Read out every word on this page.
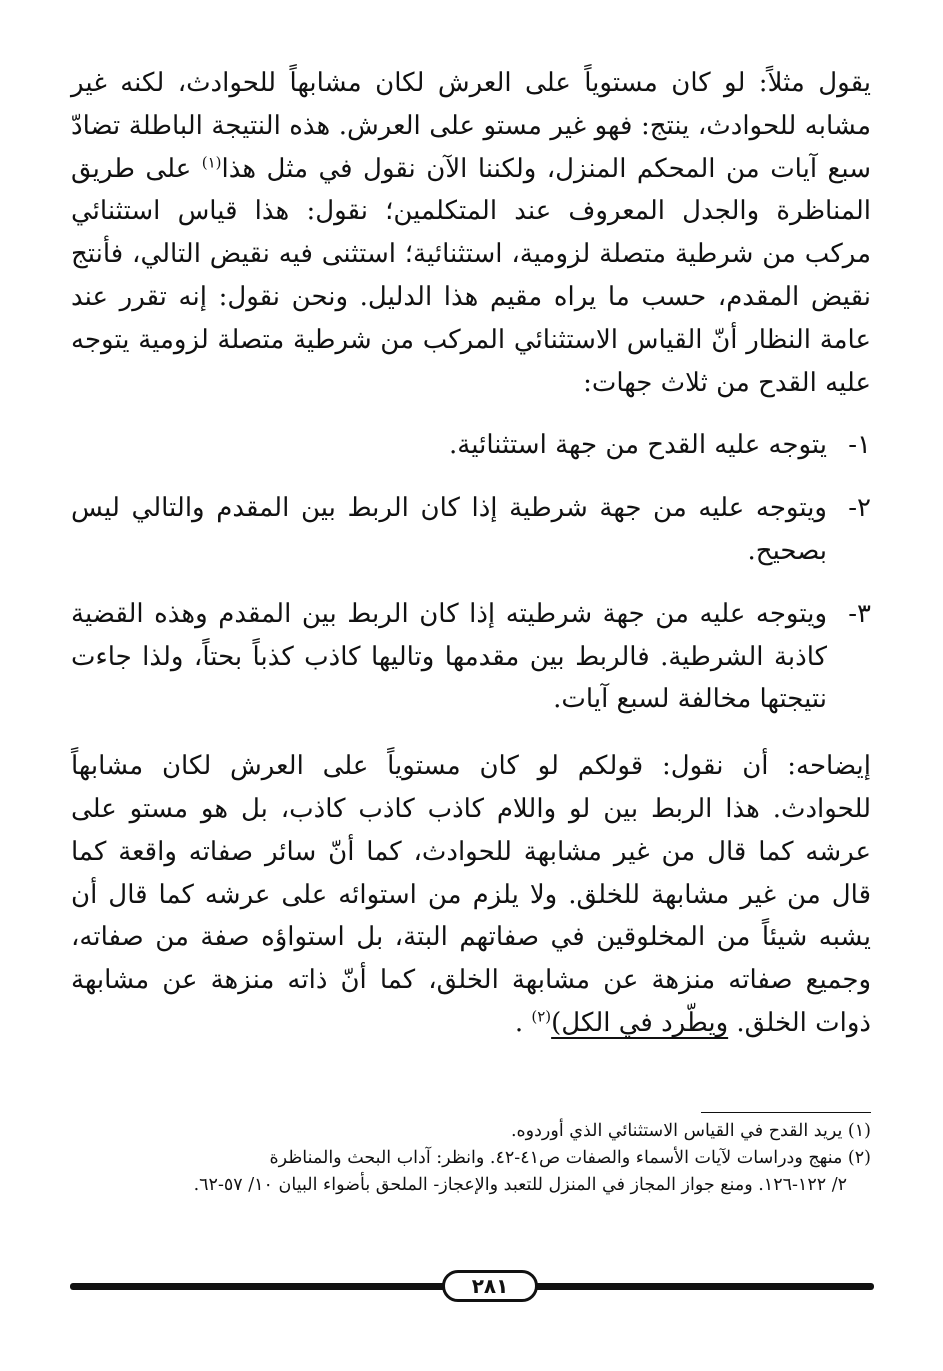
يقول مثلاً: لو كان مستوياً على العرش لكان مشابهاً للحوادث، لكنه غير مشابه للحوادث، ينتج: فهو غير مستو على العرش. هذه النتيجة الباطلة تضادّ سبع آيات من المحكم المنزل، ولكننا الآن نقول في مثل هذا$^{(١)}$ على طريق المناظرة والجدل المعروف عند المتكلمين؛ نقول: هذا قياس استثنائي مركب من شرطية متصلة لزومية، استثنائية؛ استثنى فيه نقيض التالي، فأنتج نقيض المقدم، حسب ما يراه مقيم هذا الدليل. ونحن نقول: إنه تقرر عند عامة النظار أنّ القياس الاستثنائي المركب من شرطية متصلة لزومية يتوجه عليه القدح من ثلاث جهات:

١-
يتوجه عليه القدح من جهة استثنائية.

٢-
ويتوجه عليه من جهة شرطية إذا كان الربط بين المقدم والتالي ليس بصحيح.

٣-
ويتوجه عليه من جهة شرطيته إذا كان الربط بين المقدم وهذه القضية كاذبة الشرطية. فالربط بين مقدمها وتاليها كاذب كذباً بحتاً، ولذا جاءت نتيجتها مخالفة لسبع آيات.

إيضاحه: أن نقول: قولكم لو كان مستوياً على العرش لكان مشابهاً للحوادث. هذا الربط بين لو واللام كاذب كاذب كاذب، بل هو مستو على عرشه كما قال من غير مشابهة للحوادث، كما أنّ سائر صفاته واقعة كما قال من غير مشابهة للخلق. ولا يلزم من استوائه على عرشه كما قال أن يشبه شيئاً من المخلوقين في صفاتهم البتة، بل استواؤه صفة من صفاته، وجميع صفاته منزهة عن مشابهة الخلق، كما أنّ ذاته منزهة عن مشابهة ذوات الخلق. ويطّرد في الكل)$^{(٢)}$ .

(١) يريد القدح في القياس الاستثنائي الذي أوردوه.

(٢) منهج ودراسات لآيات الأسماء والصفات ص٤١-٤٢. وانظر: آداب البحث والمناظرة

٢/ ١٢٢-١٢٦. ومنع جواز المجاز في المنزل للتعبد والإعجاز- الملحق بأضواء البيان ١٠/ ٥٧-٦٢.

٢٨١
